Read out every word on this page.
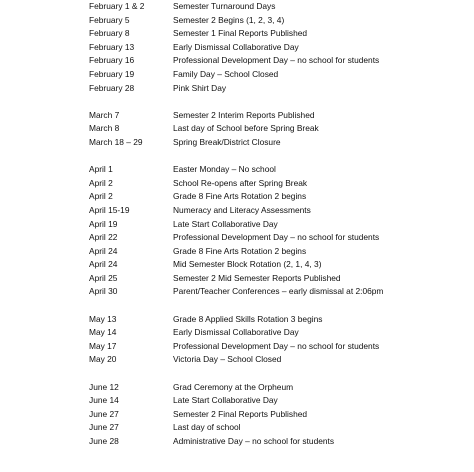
February 1 & 2	Semester Turnaround Days
February 5	Semester 2 Begins (1, 2, 3, 4)
February 8	Semester 1 Final Reports Published
February 13	Early Dismissal Collaborative Day
February 16	Professional Development Day – no school for students
February 19	Family Day – School Closed
February 28	Pink Shirt Day
March 7	Semester 2 Interim Reports Published
March 8	Last day of School before Spring Break
March 18 – 29	Spring Break/District Closure
April 1	Easter Monday – No school
April 2	School Re-opens after Spring Break
April 2	Grade 8 Fine Arts Rotation 2 begins
April 15-19	Numeracy and Literacy Assessments
April 19	Late Start Collaborative Day
April 22	Professional Development Day – no school for students
April 24	Grade 8 Fine Arts Rotation 2 begins
April 24	Mid Semester Block Rotation (2, 1, 4, 3)
April 25	Semester 2 Mid Semester Reports Published
April 30	Parent/Teacher Conferences – early dismissal at 2:06pm
May 13	Grade 8 Applied Skills Rotation 3 begins
May 14	Early Dismissal Collaborative Day
May 17	Professional Development Day – no school for students
May 20	Victoria Day – School Closed
June 12	Grad Ceremony at the Orpheum
June 14	Late Start Collaborative Day
June 27	Semester 2 Final Reports Published
June 27	Last day of school
June 28	Administrative Day – no school for students
